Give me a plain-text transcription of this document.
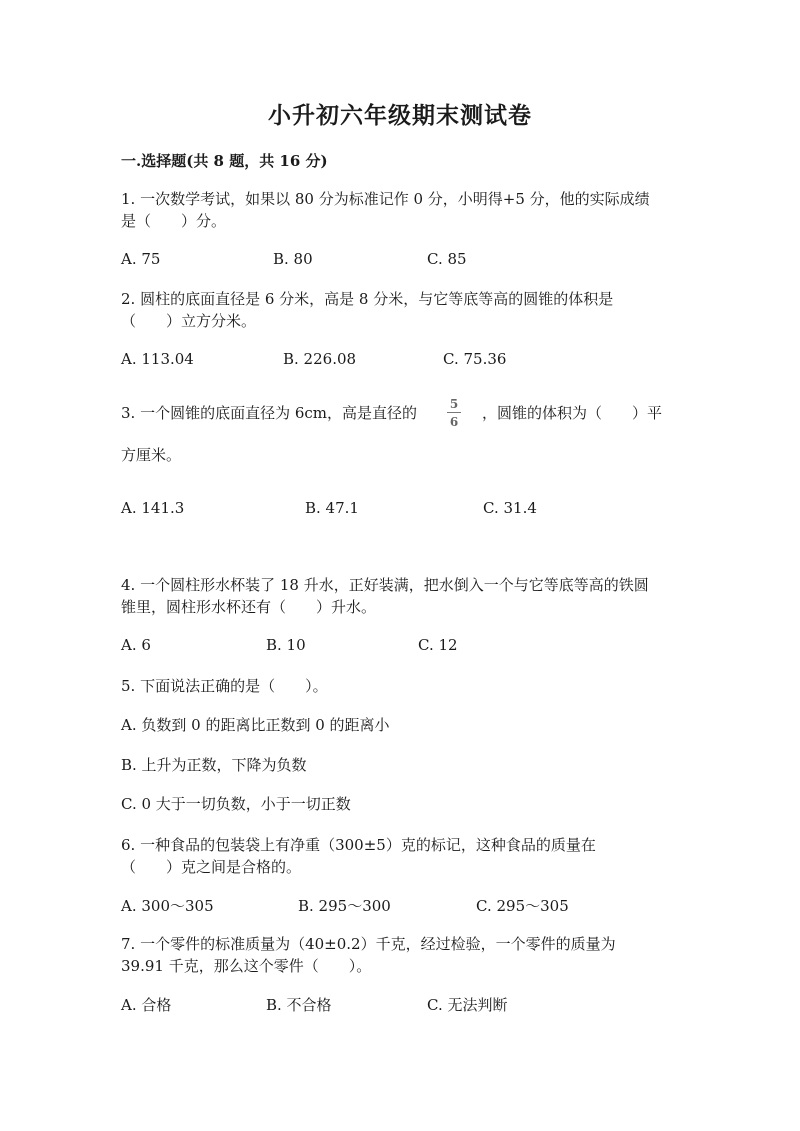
小升初六年级期末测试卷
一.选择题(共 8 题，共 16 分)
1. 一次数学考试，如果以 80 分为标准记作 0 分，小明得+5 分，他的实际成绩
是（　　）分。
A. 75	B. 80	C. 85
2. 圆柱的底面直径是 6 分米，高是 8 分米，与它等底等高的圆锥的体积是
（　　）立方分米。
A. 113.04	B. 226.08	C. 75.36
3. 一个圆锥的底面直径为 6cm，高是直径的	5
6	，圆锥的体积为（　　）平
方厘米。
A. 141.3	B. 47.1	C. 31.4
4. 一个圆柱形水杯装了 18 升水，正好装满，把水倒入一个与它等底等高的铁圆
锥里，圆柱形水杯还有（　　）升水。
A. 6	B. 10	C. 12
5. 下面说法正确的是（　　）。
A. 负数到 0 的距离比正数到 0 的距离小
B. 上升为正数，下降为负数
C. 0 大于一切负数，小于一切正数
6. 一种食品的包装袋上有净重（300±5）克的标记，这种食品的质量在
（　　）克之间是合格的。
A. 300～305	B. 295～300	C. 295～305
7. 一个零件的标准质量为（40±0.2）千克，经过检验，一个零件的质量为
39.91 千克，那么这个零件（　　）。
A. 合格	B. 不合格	C. 无法判断
